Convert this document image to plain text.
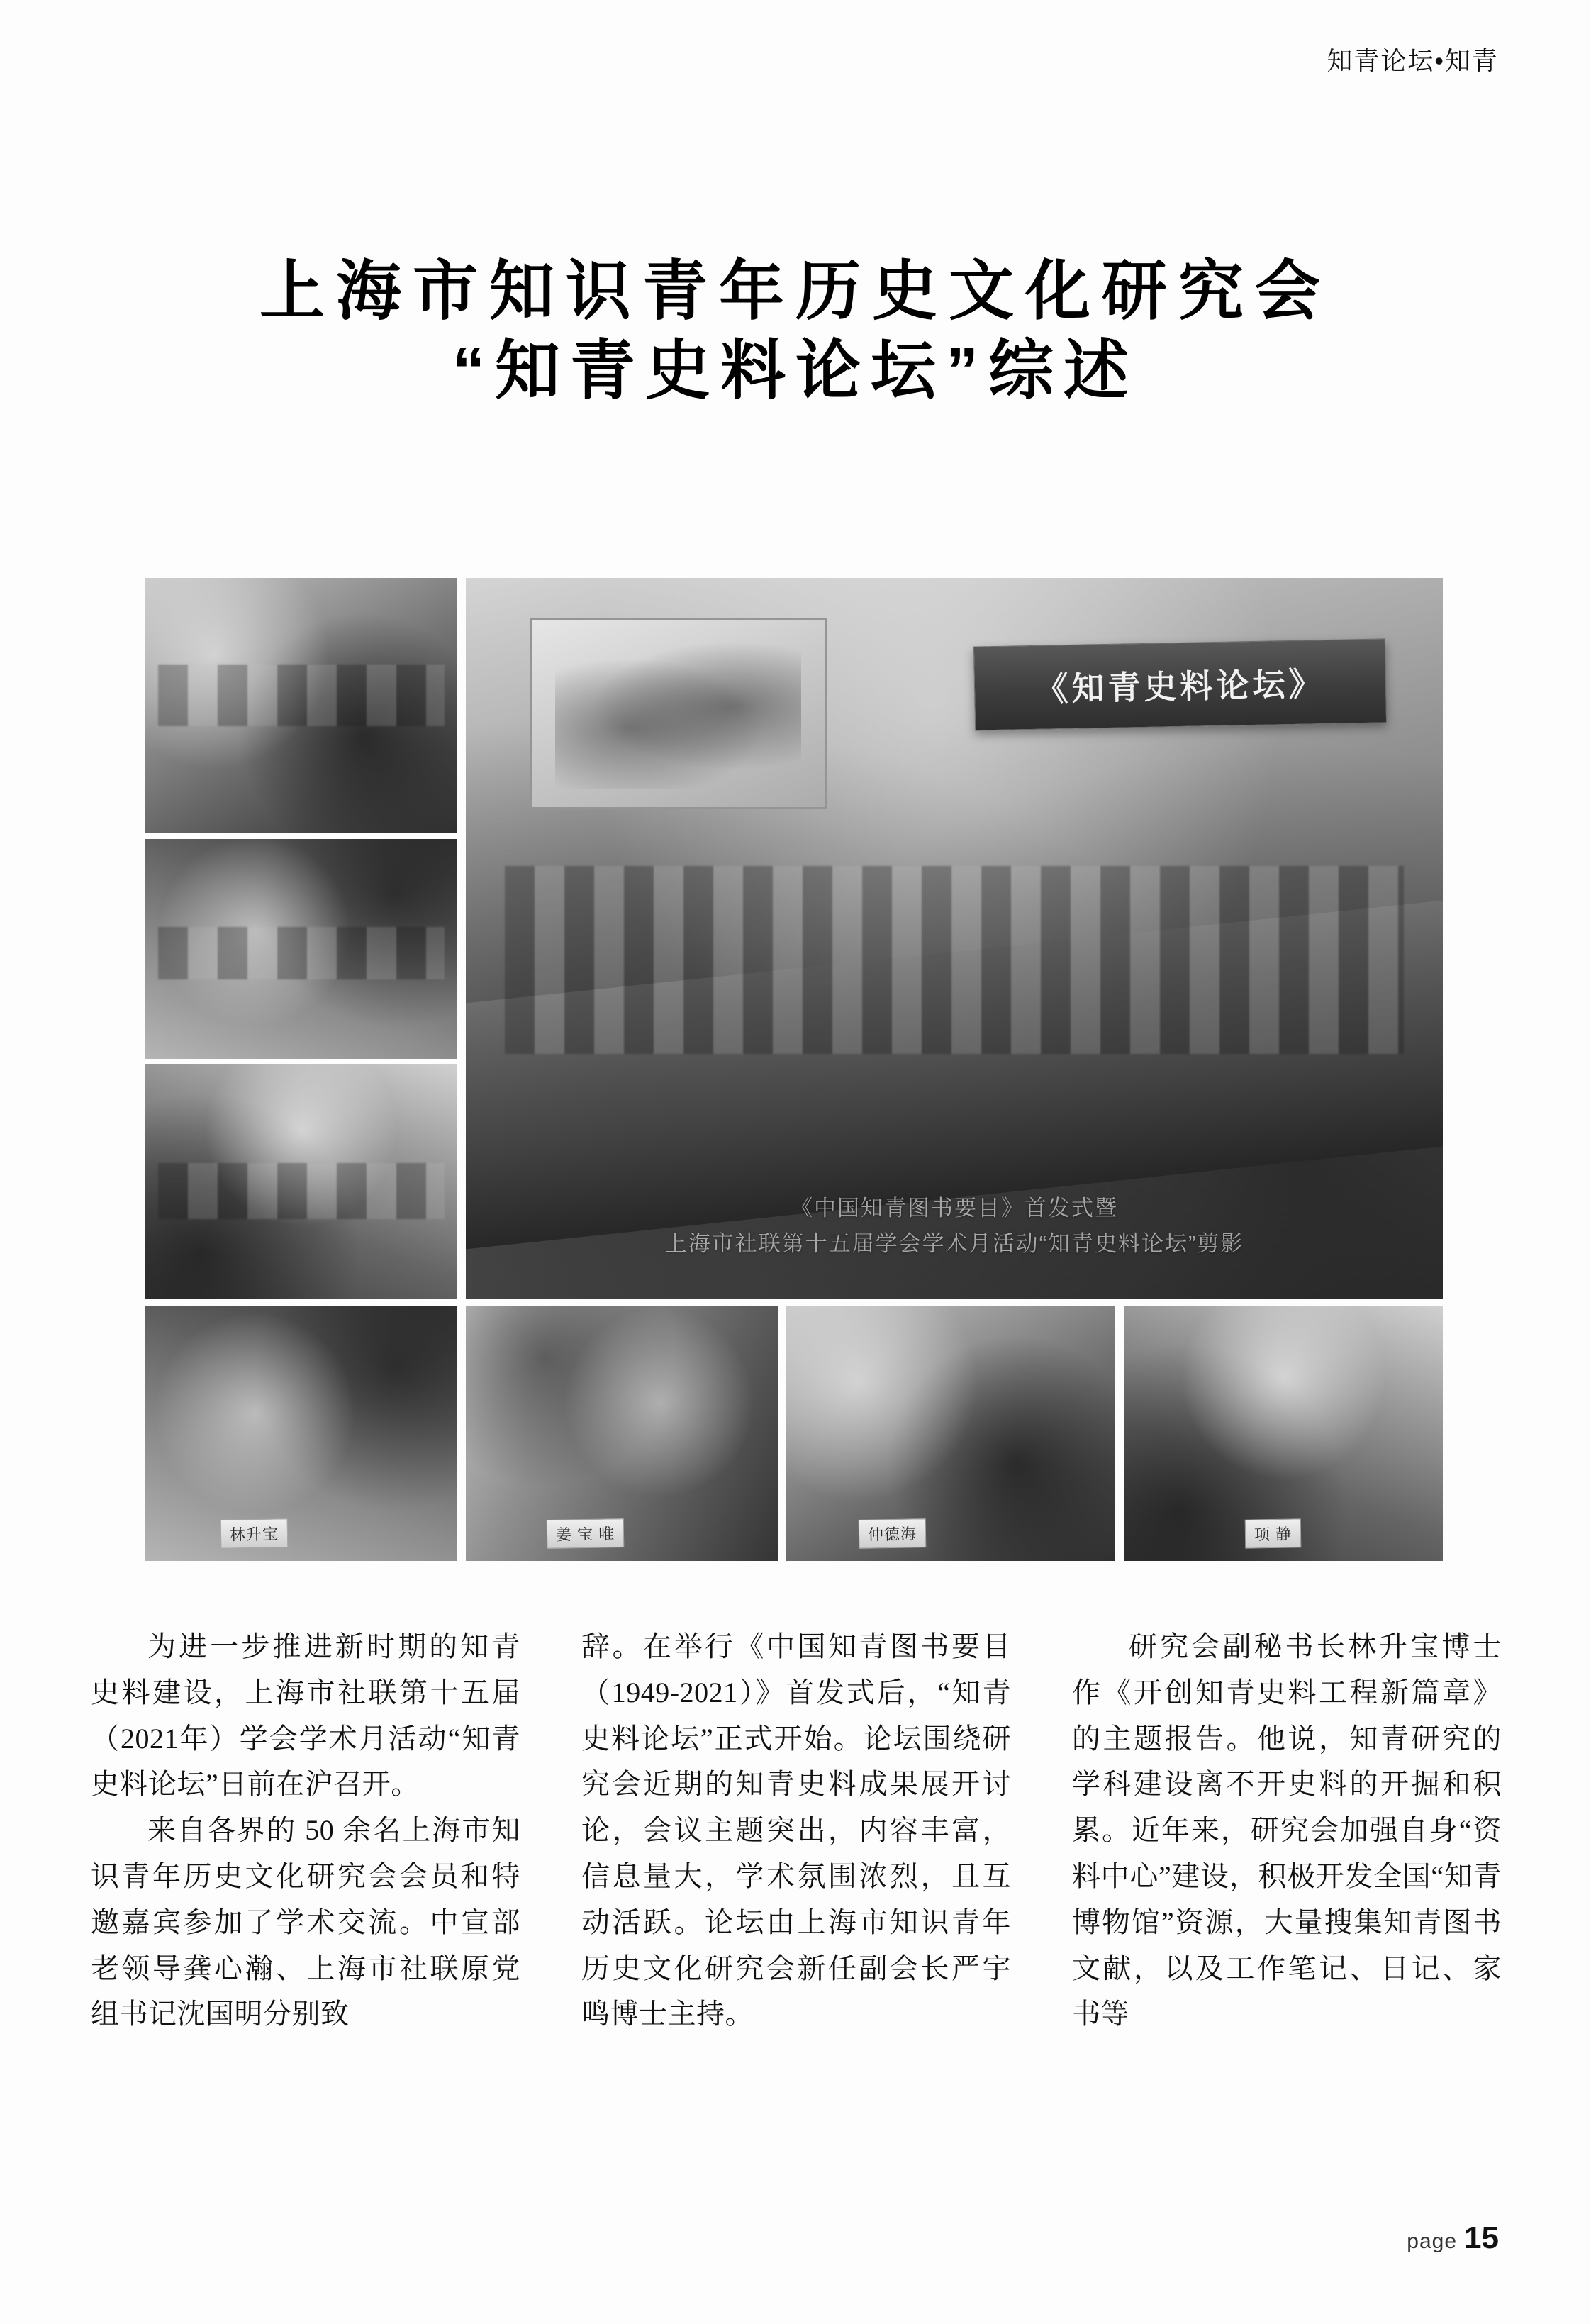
知青论坛•知青
上海市知识青年历史文化研究会
“知青史料论坛”综述
《知青史料论坛》
《中国知青图书要目》首发式暨
上海市社联第十五届学会学术月活动“知青史料论坛”剪影
林升宝	姜 宝 唯	仲德海	项 静

为进一步推进新时期的知青史料建设，上海市社联第十五届（2021年）学会学术月活动“知青史料论坛”日前在沪召开。

来自各界的 50 余名上海市知识青年历史文化研究会会员和特邀嘉宾参加了学术交流。中宣部老领导龚心瀚、上海市社联原党组书记沈国明分别致

辞。在举行《中国知青图书要目（1949-2021）》首发式后，“知青史料论坛”正式开始。论坛围绕研究会近期的知青史料成果展开讨论，会议主题突出，内容丰富，信息量大，学术氛围浓烈，且互动活跃。论坛由上海市知识青年历史文化研究会新任副会长严宇鸣博士主持。

研究会副秘书长林升宝博士作《开创知青史料工程新篇章》的主题报告。他说，知青研究的学科建设离不开史料的开掘和积累。近年来，研究会加强自身“资料中心”建设，积极开发全国“知青博物馆”资源，大量搜集知青图书文献，以及工作笔记、日记、家书等

page 15
